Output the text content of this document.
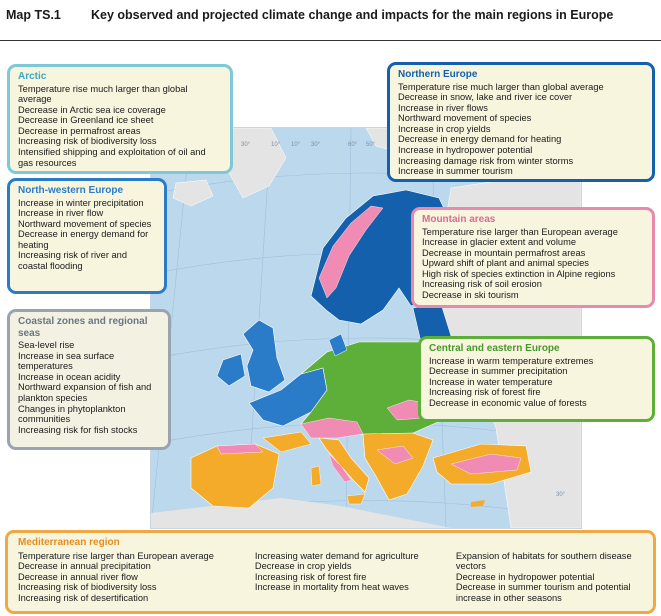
Map TS.1 Key observed and projected climate change and impacts for the main regions in Europe
30°	10° 10° 30°	60° 50°
30°
Arctic
Temperature rise much larger than global average
Decrease in Arctic sea ice coverage
Decrease in Greenland ice sheet
Decrease in permafrost areas
Increasing risk of biodiversity loss
Intensified shipping and exploitation of oil and gas resources
North-western Europe
Increase in winter precipitation
Increase in river flow
Northward movement of species
Decrease in energy demand for heating
Increasing risk of river and coastal flooding
Coastal zones and regional seas
Sea-level rise
Increase in sea surface temperatures
Increase in ocean acidity
Northward expansion of fish and plankton species
Changes in phytoplankton communities
Increasing risk for fish stocks
Northern Europe
Temperature rise much larger than global average
Decrease in snow, lake and river ice cover
Increase in river flows
Northward movement of species
Increase in crop yields
Decrease in energy demand for heating
Increase in hydropower potential
Increasing damage risk from winter storms
Increase in summer tourism
Mountain areas
Temperature rise larger than European average
Increase in glacier extent and volume
Decrease in mountain permafrost areas
Upward shift of plant and animal species
High risk of species extinction in Alpine regions
Increasing risk of soil erosion
Decrease in ski tourism
Central and eastern Europe
Increase in warm temperature extremes
Decrease in summer precipitation
Increase in water temperature
Increasing risk of forest fire
Decrease in economic value of forests
Mediterranean region
Temperature rise larger than European average
Decrease in annual precipitation
Decrease in annual river flow
Increasing risk of biodiversity loss
Increasing risk of desertification
Increasing water demand for agriculture
Decrease in crop yields
Increasing risk of forest fire
Increase in mortality from heat waves
Expansion of habitats for southern disease vectors
Decrease in hydropower potential
Decrease in summer tourism and potential increase in other seasons
